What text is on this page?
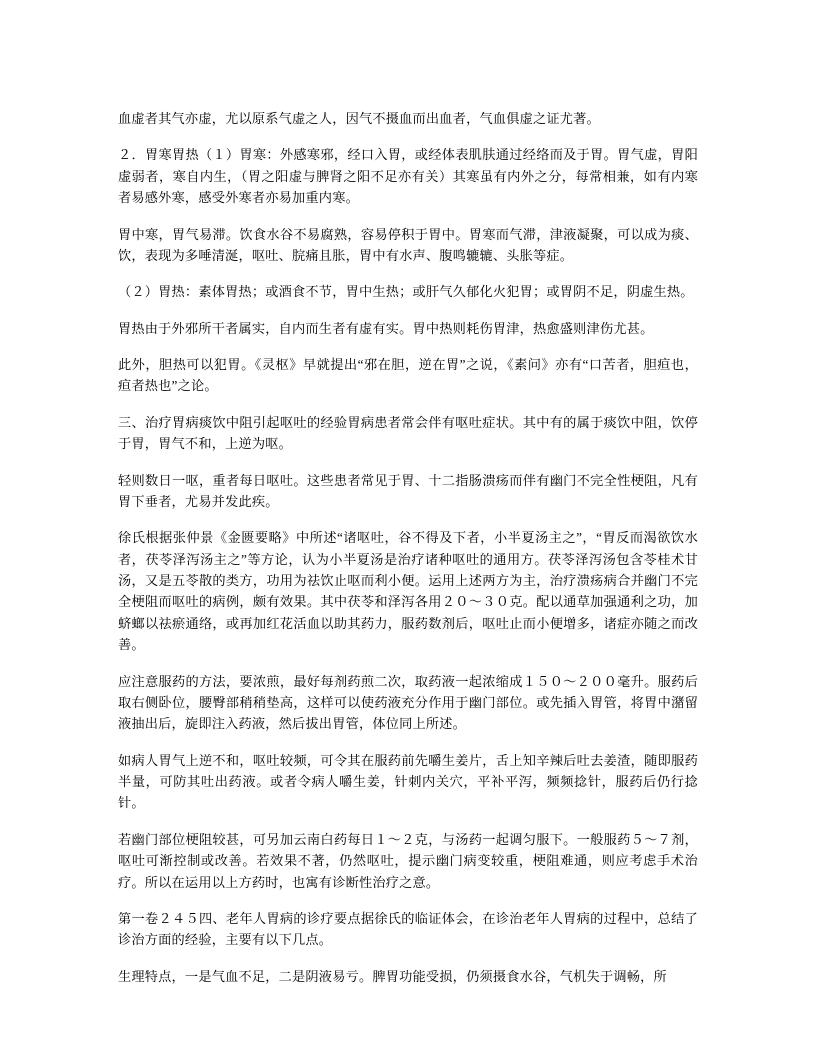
血虚者其气亦虚，尤以原系气虚之人，因气不摄血而出血者，气血俱虚之证尤著。

２．胃寒胃热（１）胃寒：外感寒邪，经口入胃，或经体表肌肤通过经络而及于胃。胃气虚，胃阳虚弱者，寒自内生，（胃之阳虚与脾肾之阳不足亦有关）其寒虽有内外之分，每常相兼，如有内寒者易感外寒，感受外寒者亦易加重内寒。

胃中寒，胃气易滞。饮食水谷不易腐熟，容易停积于胃中。胃寒而气滞，津液凝聚，可以成为痰、饮，表现为多唾清涎，呕吐、脘痛且胀，胃中有水声、腹鸣辘辘、头胀等症。

（２）胃热：素体胃热；或酒食不节，胃中生热；或肝气久郁化火犯胃；或胃阴不足，阴虚生热。

胃热由于外邪所干者属实，自内而生者有虚有实。胃中热则耗伤胃津，热愈盛则津伤尤甚。

此外，胆热可以犯胃。《灵枢》早就提出“邪在胆，逆在胃”之说，《素问》亦有“口苦者，胆疸也，疸者热也”之论。

三、治疗胃病痰饮中阻引起呕吐的经验胃病患者常会伴有呕吐症状。其中有的属于痰饮中阻，饮停于胃，胃气不和，上逆为呕。

轻则数日一呕，重者每日呕吐。这些患者常见于胃、十二指肠溃疡而伴有幽门不完全性梗阻，凡有胃下垂者，尤易并发此疾。

徐氏根据张仲景《金匮要略》中所述“诸呕吐，谷不得及下者，小半夏汤主之”，“胃反而渴欲饮水者，茯苓泽泻汤主之”等方论，认为小半夏汤是治疗诸种呕吐的通用方。茯苓泽泻汤包含苓桂术甘汤，又是五苓散的类方，功用为祛饮止呕而利小便。运用上述两方为主，治疗溃疡病合并幽门不完全梗阻而呕吐的病例，颇有效果。其中茯苓和泽泻各用２０～３０克。配以通草加强通利之功，加蛴螂以祛瘀通络，或再加红花活血以助其药力，服药数剂后，呕吐止而小便增多，诸症亦随之而改善。

应注意服药的方法，要浓煎，最好每剂药煎二次，取药液一起浓缩成１５０～２００毫升。服药后取右侧卧位，腰臀部稍稍垫高，这样可以使药液充分作用于幽门部位。或先插入胃管，将胃中潴留液抽出后，旋即注入药液，然后拔出胃管，体位同上所述。

如病人胃气上逆不和，呕吐较频，可令其在服药前先嚼生姜片，舌上知辛辣后吐去姜渣，随即服药半量，可防其吐出药液。或者令病人嚼生姜，针刺内关穴，平补平泻，频频捻针，服药后仍行捻针。

若幽门部位梗阻较甚，可另加云南白药每日１～２克，与汤药一起调匀服下。一般服药５～７剂，呕吐可渐控制或改善。若效果不著，仍然呕吐，提示幽门病变较重，梗阻难通，则应考虑手术治疗。所以在运用以上方药时，也寓有诊断性治疗之意。

第一卷２４５四、老年人胃病的诊疗要点据徐氏的临证体会，在诊治老年人胃病的过程中，总结了诊治方面的经验，主要有以下几点。

生理特点，一是气血不足，二是阴液易亏。脾胃功能受损，仍须摄食水谷，气机失于调畅，所
